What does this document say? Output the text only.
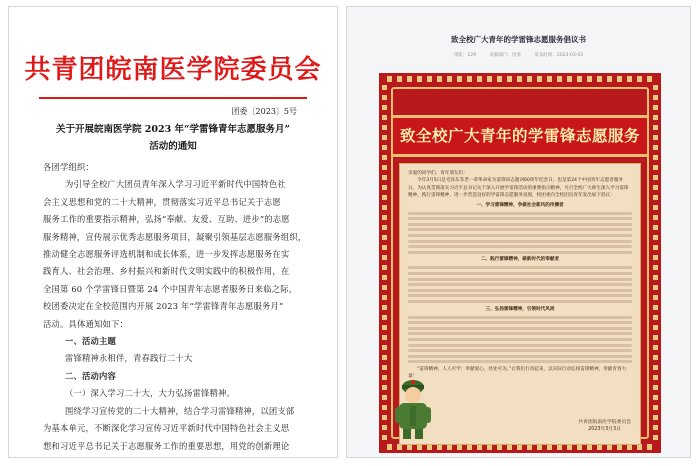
共青团皖南医学院委员会
团委〔2023〕5号
关于开展皖南医学院 2023 年“学雷锋青年志愿服务月”
活动的通知

各团学组织：

为引导全校广大团员青年深入学习习近平新时代中国特色社

会主义思想和党的二十大精神，贯彻落实习近平总书记关于志愿

服务工作的重要指示精神，弘扬“奉献、友爱、互助、进步”的志愿

服务精神，宣传展示优秀志愿服务项目，凝聚引领基层志愿服务组织，

推动健全志愿服务评选机制和成长体系，进一步发挥志愿服务在实

践育人、社会治理、乡村振兴和新时代文明实践中的积极作用，在

全国第 60 个学雷锋日暨第 24 个中国青年志愿者服务日来临之际，

校团委决定在全校范围内开展 2023 年“学雷锋青年志愿服务月”

活动。具体通知如下：

一、活动主题

雷锋精神永相伴，青春践行二十大

二、活动内容

（一）深入学习二十大，大力弘扬雷锋精神。

围绕学习宣传党的二十大精神，结合学习雷锋精神，以团支部

为基本单元，不断深化学习宣传习近平新时代中国特色社会主义思

想和习近平总书记关于志愿服务工作的重要思想，用党的创新理论

致全校广大青年的学雷锋志愿服务倡议书
浏览：129	发稿部门：团委	发布时间：2023-03-03
致全校广大青年的学雷锋志愿服务

亲爱的同学们、青年朋友们：

今年3月5日是毛泽东等老一辈革命家为雷锋同志题词60周年纪念日，也是第24个中国青年志愿者服务日。为认真贯彻落实习近平总书记关于深入开展学雷锋活动的重要指示精神，号召全校广大师生深入学习雷锋精神，践行雷锋精神，进一步营造良好的学雷锋志愿服务氛围，校团委向全校团员青年发出如下倡议：

一、学习雷锋精神，争做社会新风的传播者

二、践行雷锋精神，做新时代的奉献者

三、弘扬雷锋精神，引领时代风尚

“雷锋精神，人人可学；奉献爱心，处处可为。”让我们行动起来，以实际行动弘扬雷锋精神，奉献青春力量！

共青团皖南医学院委员会
2023年3月3日
